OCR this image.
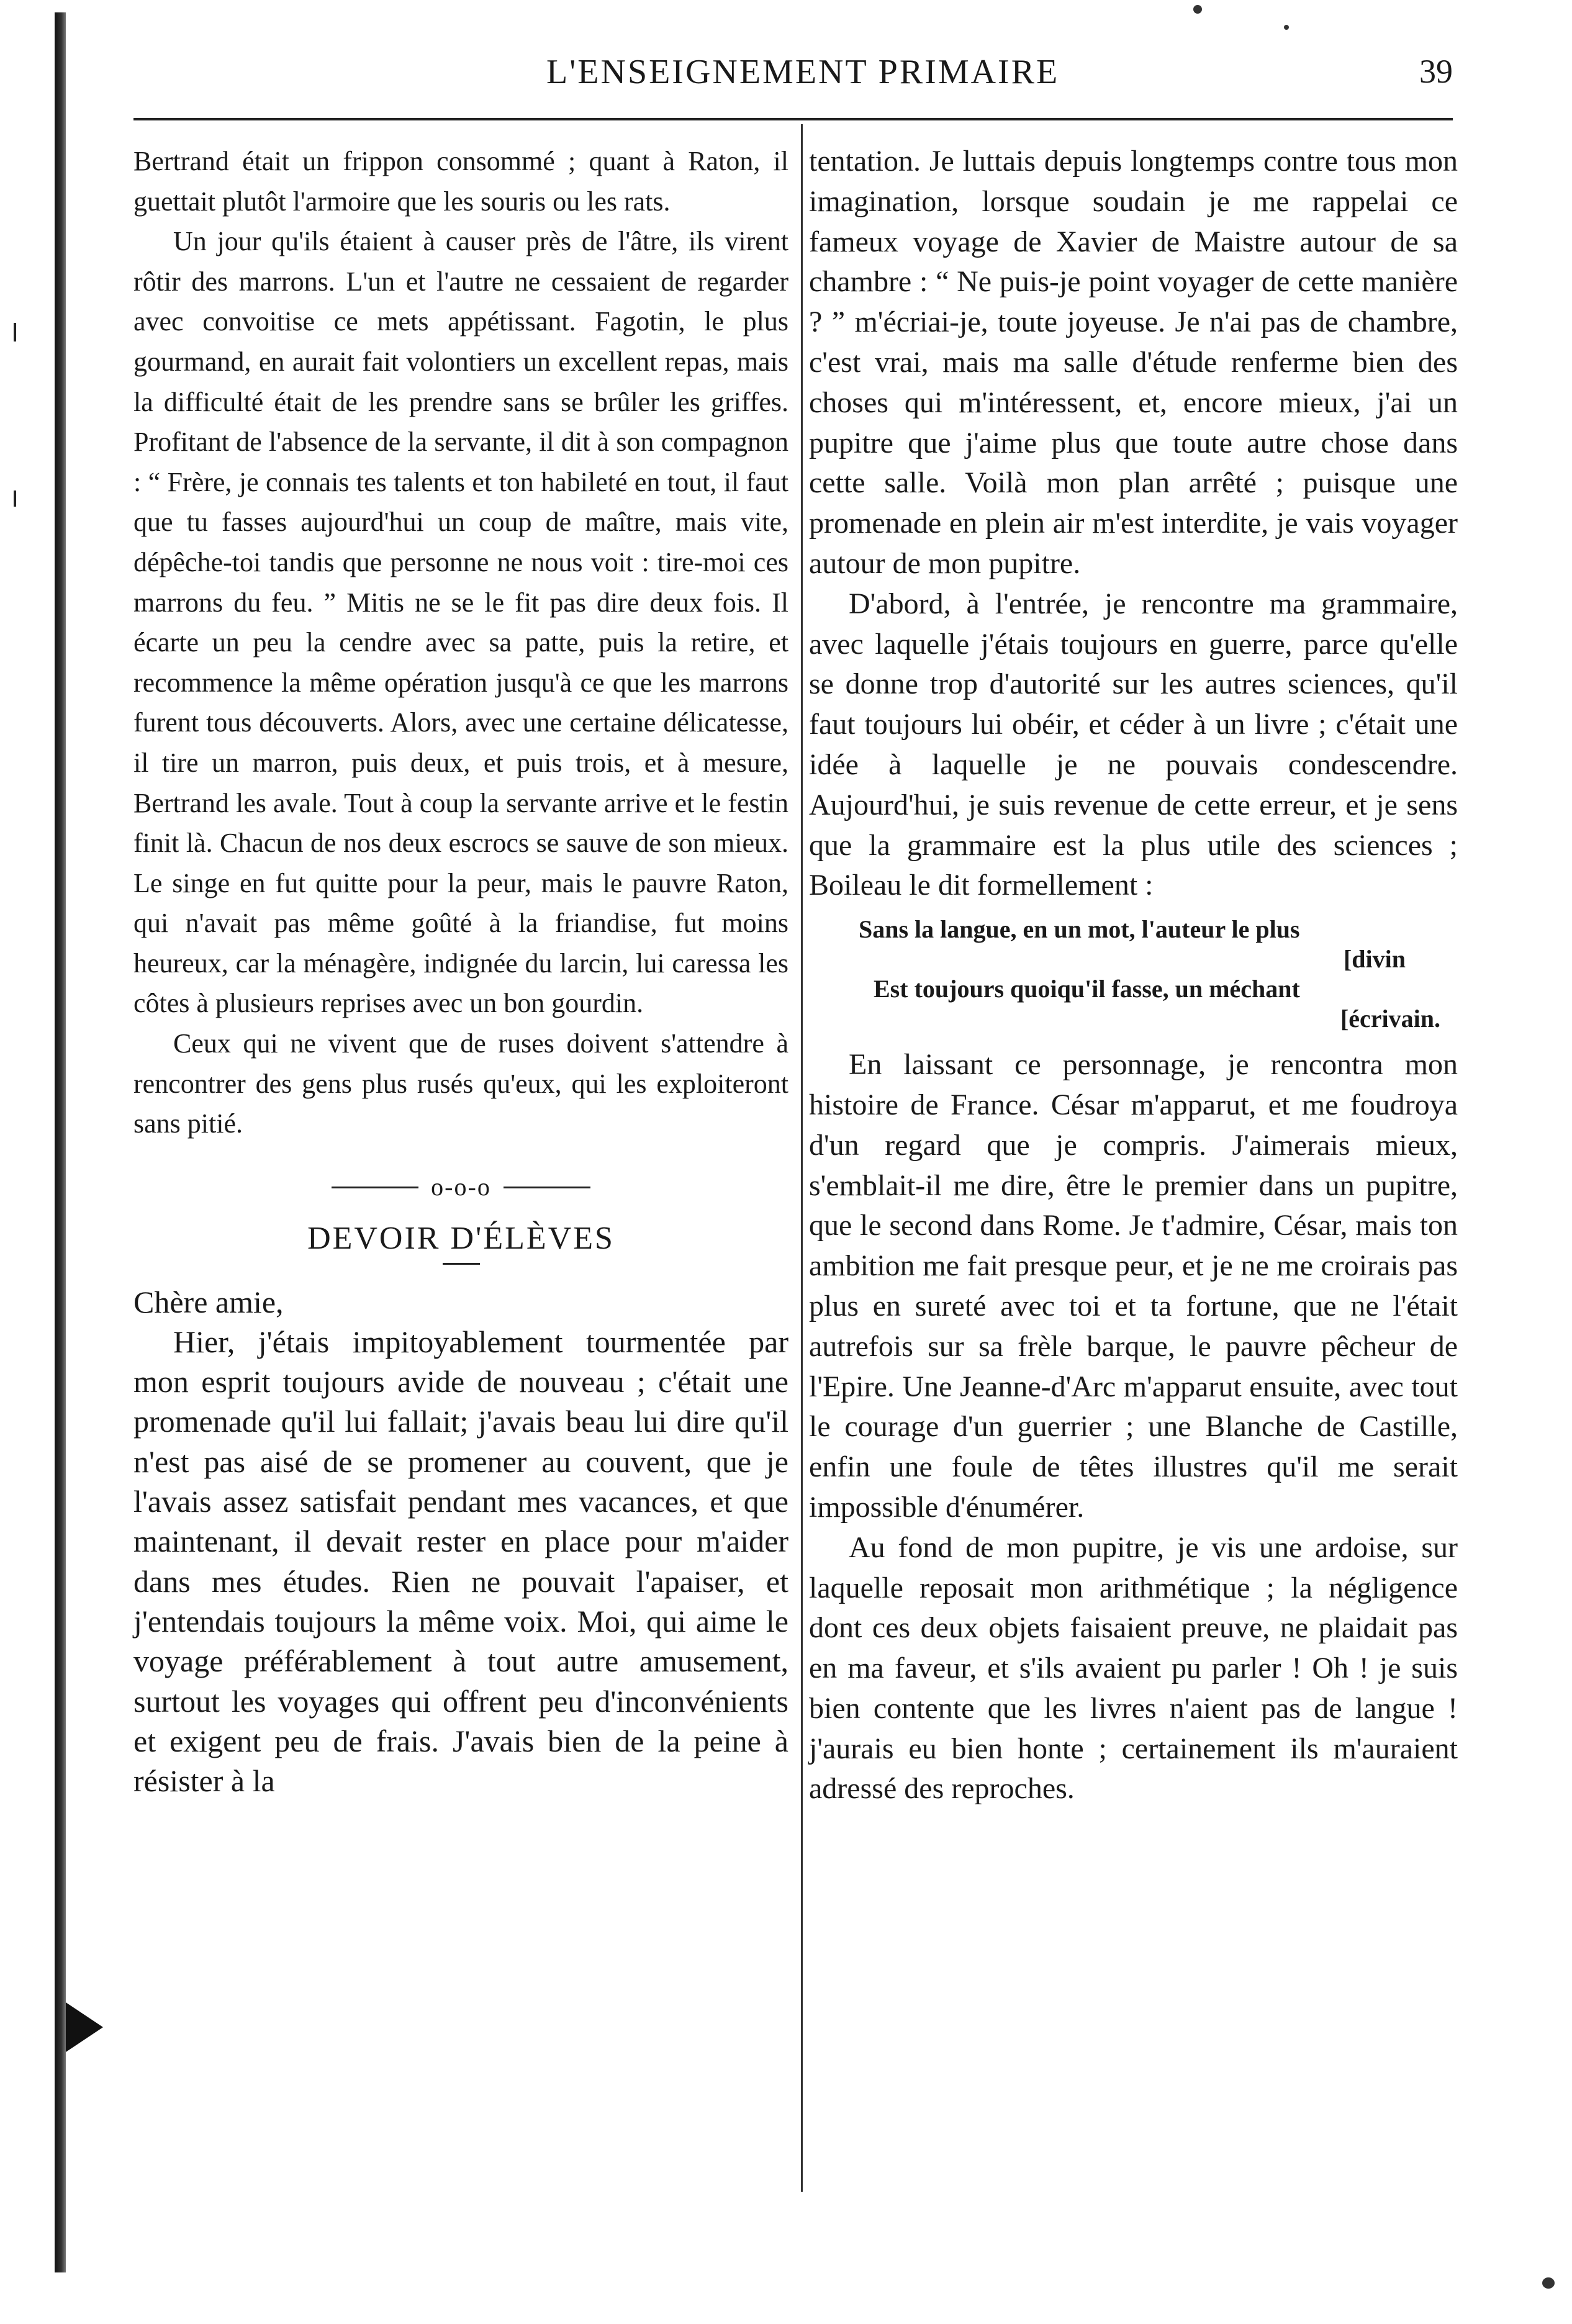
L'ENSEIGNEMENT PRIMAIRE	39

Bertrand était un frippon consommé ; quant à Raton, il guettait plutôt l'armoire que les souris ou les rats.

Un jour qu'ils étaient à causer près de l'âtre, ils virent rôtir des marrons. L'un et l'autre ne cessaient de regarder avec convoitise ce mets appétissant. Fagotin, le plus gourmand, en aurait fait volontiers un excellent repas, mais la difficulté était de les prendre sans se brûler les griffes. Profitant de l'absence de la servante, il dit à son compagnon : “ Frère, je connais tes talents et ton habileté en tout, il faut que tu fasses aujourd'hui un coup de maître, mais vite, dépêche-toi tandis que personne ne nous voit : tire-moi ces marrons du feu. ” Mitis ne se le fit pas dire deux fois. Il écarte un peu la cendre avec sa patte, puis la retire, et recommence la même opération jusqu'à ce que les marrons furent tous découverts. Alors, avec une certaine délicatesse, il tire un marron, puis deux, et puis trois, et à mesure, Bertrand les avale. Tout à coup la servante arrive et le festin finit là. Chacun de nos deux escrocs se sauve de son mieux. Le singe en fut quitte pour la peur, mais le pauvre Raton, qui n'avait pas même goûté à la friandise, fut moins heureux, car la ménagère, indignée du larcin, lui caressa les côtes à plusieurs reprises avec un bon gourdin.

Ceux qui ne vivent que de ruses doivent s'attendre à rencontrer des gens plus rusés qu'eux, qui les exploiteront sans pitié.

o-o-o
DEVOIR D'ÉLÈVES

Chère amie,

Hier, j'étais impitoyablement tourmentée par mon esprit toujours avide de nouveau ; c'était une promenade qu'il lui fallait; j'avais beau lui dire qu'il n'est pas aisé de se promener au couvent, que je l'avais assez satisfait pendant mes vacances, et que maintenant, il devait rester en place pour m'aider dans mes études. Rien ne pouvait l'apaiser, et j'entendais toujours la même voix. Moi, qui aime le voyage préférablement à tout autre amusement, surtout les voyages qui offrent peu d'inconvénients et exigent peu de frais. J'avais bien de la peine à résister à la

tentation. Je luttais depuis longtemps contre tous mon imagination, lorsque soudain je me rappelai ce fameux voyage de Xavier de Maistre autour de sa chambre : “ Ne puis-je point voyager de cette manière ? ” m'écriai-je, toute joyeuse. Je n'ai pas de chambre, c'est vrai, mais ma salle d'étude renferme bien des choses qui m'intéressent, et, encore mieux, j'ai un pupitre que j'aime plus que toute autre chose dans cette salle. Voilà mon plan arrêté ; puisque une promenade en plein air m'est interdite, je vais voyager autour de mon pupitre.

D'abord, à l'entrée, je rencontre ma grammaire, avec laquelle j'étais toujours en guerre, parce qu'elle se donne trop d'autorité sur les autres sciences, qu'il faut toujours lui obéir, et céder à un livre ; c'était une idée à laquelle je ne pouvais condescendre. Aujourd'hui, je suis revenue de cette erreur, et je sens que la grammaire est la plus utile des sciences ; Boileau le dit formellement :

Sans la langue, en un mot, l'auteur le plus
[divin
Est toujours quoiqu'il fasse, un méchant
[écrivain.

En laissant ce personnage, je rencontra mon histoire de France. César m'apparut, et me foudroya d'un regard que je compris. J'aimerais mieux, s'emblait-il me dire, être le premier dans un pupitre, que le second dans Rome. Je t'admire, César, mais ton ambition me fait presque peur, et je ne me croirais pas plus en sureté avec toi et ta fortune, que ne l'était autrefois sur sa frèle barque, le pauvre pêcheur de l'Epire. Une Jeanne-d'Arc m'apparut ensuite, avec tout le courage d'un guerrier ; une Blanche de Castille, enfin une foule de têtes illustres qu'il me serait impossible d'énumérer.

Au fond de mon pupitre, je vis une ardoise, sur laquelle reposait mon arithmétique ; la négligence dont ces deux objets faisaient preuve, ne plaidait pas en ma faveur, et s'ils avaient pu parler ! Oh ! je suis bien contente que les livres n'aient pas de langue ! j'aurais eu bien honte ; certainement ils m'auraient adressé des reproches.
